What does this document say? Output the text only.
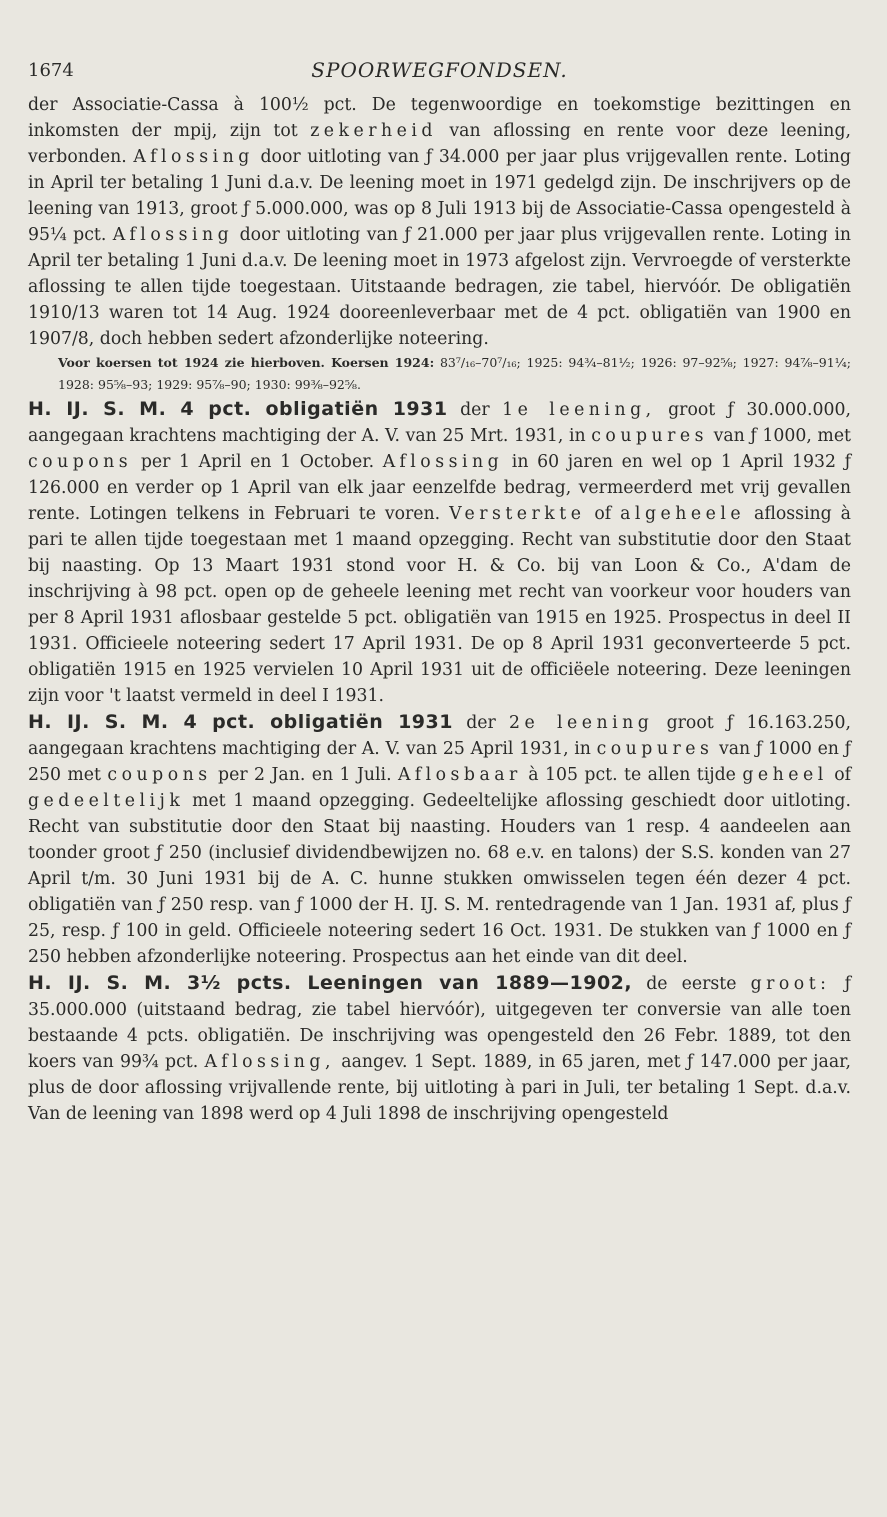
1674	SPOORWEGFONDSEN.

der Associatie-Cassa à 100½ pct. De tegenwoordige en toekomstige bezittingen en inkomsten der mpij, zijn tot zekerheid van aflossing en rente voor deze leening, verbonden. Aflossing door uitloting van ƒ 34.000 per jaar plus vrijgevallen rente. Loting in April ter betaling 1 Juni d.a.v. De leening moet in 1971 gedelgd zijn. De inschrijvers op de leening van 1913, groot ƒ 5.000.000, was op 8 Juli 1913 bij de Associatie-Cassa opengesteld à 95¼ pct. Aflossing door uitloting van ƒ 21.000 per jaar plus vrijgevallen rente. Loting in April ter betaling 1 Juni d.a.v. De leening moet in 1973 afgelost zijn. Vervroegde of versterkte aflossing te allen tijde toegestaan. Uitstaande bedragen, zie tabel, hiervóór. De obligatiën 1910/13 waren tot 14 Aug. 1924 dooreenleverbaar met de 4 pct. obligatiën van 1900 en 1907/8, doch hebben sedert afzonderlijke noteering.

Voor koersen tot 1924 zie hierboven. Koersen 1924: 83⁷/₁₆–70⁷/₁₆; 1925: 94¾–81½; 1926: 97–92⅝; 1927: 94⅞–91¼; 1928: 95⅝–93; 1929: 95⅞–90; 1930: 99⅜–92⅝.

H. IJ. S. M. 4 pct. obligatiën 1931 der 1e leening, groot ƒ 30.000.000, aangegaan krachtens machtiging der A. V. van 25 Mrt. 1931, in coupures van ƒ 1000, met coupons per 1 April en 1 October. Aflossing in 60 jaren en wel op 1 April 1932 ƒ 126.000 en verder op 1 April van elk jaar eenzelfde bedrag, vermeerderd met vrij gevallen rente. Lotingen telkens in Februari te voren. Versterkte of algeheele aflossing à pari te allen tijde toegestaan met 1 maand opzegging. Recht van substitutie door den Staat bij naasting. Op 13 Maart 1931 stond voor H. & Co. bij van Loon & Co., A'dam de inschrijving à 98 pct. open op de geheele leening met recht van voorkeur voor houders van per 8 April 1931 aflosbaar gestelde 5 pct. obligatiën van 1915 en 1925. Prospectus in deel II 1931. Officieele noteering sedert 17 April 1931. De op 8 April 1931 geconverteerde 5 pct. obligatiën 1915 en 1925 vervielen 10 April 1931 uit de officiëele noteering. Deze leeningen zijn voor 't laatst vermeld in deel I 1931.

H. IJ. S. M. 4 pct. obligatiën 1931 der 2e leening groot ƒ 16.163.250, aangegaan krachtens machtiging der A. V. van 25 April 1931, in coupures van ƒ 1000 en ƒ 250 met coupons per 2 Jan. en 1 Juli. Aflosbaar à 105 pct. te allen tijde geheel of gedeeltelijk met 1 maand opzegging. Gedeeltelijke aflossing geschiedt door uitloting. Recht van substitutie door den Staat bij naasting. Houders van 1 resp. 4 aandeelen aan toonder groot ƒ 250 (inclusief dividendbewijzen no. 68 e.v. en talons) der S.S. konden van 27 April t/m. 30 Juni 1931 bij de A. C. hunne stukken omwisselen tegen één dezer 4 pct. obligatiën van ƒ 250 resp. van ƒ 1000 der H. IJ. S. M. rentedragende van 1 Jan. 1931 af, plus ƒ 25, resp. ƒ 100 in geld. Officieele noteering sedert 16 Oct. 1931. De stukken van ƒ 1000 en ƒ 250 hebben afzonderlijke noteering. Prospectus aan het einde van dit deel.

H. IJ. S. M. 3½ pcts. Leeningen van 1889—1902, de eerste groot: ƒ 35.000.000 (uitstaand bedrag, zie tabel hiervóór), uitgegeven ter conversie van alle toen bestaande 4 pcts. obligatiën. De inschrijving was opengesteld den 26 Febr. 1889, tot den koers van 99¾ pct. Aflossing, aangev. 1 Sept. 1889, in 65 jaren, met ƒ 147.000 per jaar, plus de door aflossing vrijvallende rente, bij uitloting à pari in Juli, ter betaling 1 Sept. d.a.v. Van de leening van 1898 werd op 4 Juli 1898 de inschrijving opengesteld
